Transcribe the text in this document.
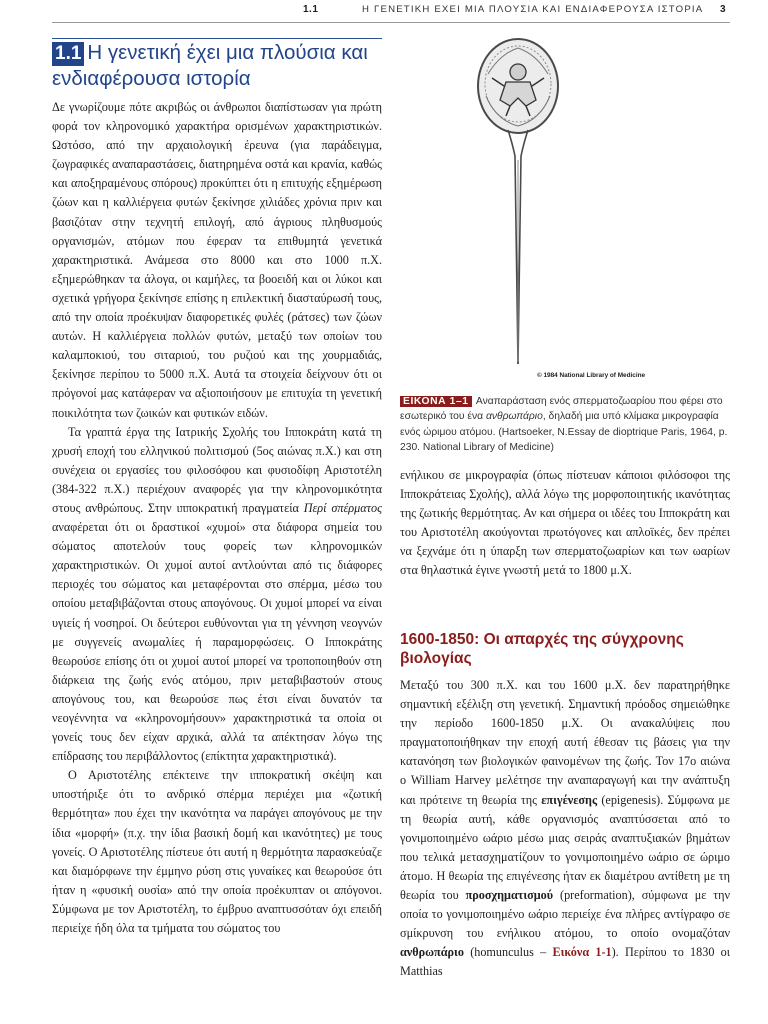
1.1	Η ΓΕΝΕΤΙΚΗ ΕΧΕΙ ΜΙΑ ΠΛΟΥΣΙΑ ΚΑΙ ΕΝΔΙΑΦΕΡΟΥΣΑ ΙΣΤΟΡΙΑ 3
1.1 Η γενετική έχει μια πλούσια και ενδιαφέρουσα ιστορία

Δε γνωρίζουμε πότε ακριβώς οι άνθρωποι διαπίστωσαν για πρώτη φορά τον κληρονομικό χαρακτήρα ορισμένων χαρακτηριστικών. Ωστόσο, από την αρχαιολογική έρευνα (για παράδειγμα, ζωγραφικές αναπαραστάσεις, διατηρημένα οστά και κρανία, καθώς και αποξηραμένους σπόρους) προκύπτει ότι η επιτυχής εξημέρωση ζώων και η καλλιέργεια φυτών ξεκίνησε χιλιάδες χρόνια πριν και βασιζόταν στην τεχνητή επιλογή, από άγριους πληθυσμούς οργανισμών, ατόμων που έφεραν τα επιθυμητά γενετικά χαρακτηριστικά. Ανάμεσα στο 8000 και στο 1000 π.Χ. εξημερώθηκαν τα άλογα, οι καμήλες, τα βοοειδή και οι λύκοι και σχετικά γρήγορα ξεκίνησε επίσης η επιλεκτική διασταύρωσή τους, από την οποία προέκυψαν διαφορετικές φυλές (ράτσες) των ζώων αυτών. Η καλλιέργεια πολλών φυτών, μεταξύ των οποίων του καλαμποκιού, του σιταριού, του ρυζιού και της χουρμαδιάς, ξεκίνησε περίπου το 5000 π.Χ. Αυτά τα στοιχεία δείχνουν ότι οι πρόγονοί μας κατάφεραν να αξιοποιήσουν με επιτυχία τη γενετική ποικιλότητα των ζωικών και φυτικών ειδών.

Τα γραπτά έργα της Ιατρικής Σχολής του Ιπποκράτη κατά τη χρυσή εποχή του ελληνικού πολιτισμού (5ος αιώνας π.Χ.) και στη συνέχεια οι εργασίες του φιλοσόφου και φυσιοδίφη Αριστοτέλη (384-322 π.Χ.) περιέχουν αναφορές για την κληρονομικότητα στους ανθρώπους. Στην ιπποκρατική πραγματεία Περί σπέρματος αναφέρεται ότι οι δραστικοί «χυμοί» στα διάφορα σημεία του σώματος αποτελούν τους φορείς των κληρονομικών χαρακτηριστικών. Οι χυμοί αυτοί αντλούνται από τις διάφορες περιοχές του σώματος και μεταφέρονται στο σπέρμα, μέσω του οποίου μεταβιβάζονται στους απογόνους. Οι χυμοί μπορεί να είναι υγιείς ή νοσηροί. Οι δεύτεροι ευθύνονται για τη γέννηση νεογνών με συγγενείς ανωμαλίες ή παραμορφώσεις. Ο Ιπποκράτης θεωρούσε επίσης ότι οι χυμοί αυτοί μπορεί να τροποποιηθούν στη διάρκεια της ζωής ενός ατόμου, πριν μεταβιβαστούν στους απογόνους του, και θεωρούσε πως έτσι είναι δυνατόν τα νεογέννητα να «κληρονομήσουν» χαρακτηριστικά τα οποία οι γονείς τους δεν είχαν αρχικά, αλλά τα απέκτησαν λόγω της επίδρασης του περιβάλλοντος (επίκτητα χαρακτηριστικά).

Ο Αριστοτέλης επέκτεινε την ιπποκρατική σκέψη και υποστήριξε ότι το ανδρικό σπέρμα περιέχει μια «ζωτική θερμότητα» που έχει την ικανότητα να παράγει απογόνους με την ίδια «μορφή» (π.χ. την ίδια βασική δομή και ικανότητες) με τους γονείς. Ο Αριστοτέλης πίστευε ότι αυτή η θερμότητα παρασκεύαζε και διαμόρφωνε την έμμηνο ρύση στις γυναίκες και θεωρούσε ότι ήταν η «φυσική ουσία» από την οποία προέκυπταν οι απόγονοι. Σύμφωνα με τον Αριστοτέλη, το έμβρυο αναπτυσσόταν όχι επειδή περιείχε ήδη όλα τα τμήματα του σώματος του

© 1984 National Library of Medicine
ΕΙΚΟΝΑ 1–1 Αναπαράσταση ενός σπερματοζωαρίου που φέρει στο εσωτερικό του ένα ανθρωπάριο, δηλαδή μια υπό κλίμακα μικρογραφία ενός ώριμου ατόμου. (Hartsoeker, N.Essay de dioptrique Paris, 1964, p. 230. National Library of Medicine)

ενήλικου σε μικρογραφία (όπως πίστευαν κάποιοι φιλόσοφοι της Ιπποκράτειας Σχολής), αλλά λόγω της μορφοποιητικής ικανότητας της ζωτικής θερμότητας. Αν και σήμερα οι ιδέες του Ιπποκράτη και του Αριστοτέλη ακούγονται πρωτόγονες και απλοϊκές, δεν πρέπει να ξεχνάμε ότι η ύπαρξη των σπερματοζωαρίων και των ωαρίων στα θηλαστικά έγινε γνωστή μετά το 1800 μ.Χ.

1600-1850: Οι απαρχές της σύγχρονης βιολογίας

Μεταξύ του 300 π.Χ. και του 1600 μ.Χ. δεν παρατηρήθηκε σημαντική εξέλιξη στη γενετική. Σημαντική πρόοδος σημειώθηκε την περίοδο 1600-1850 μ.Χ. Οι ανακαλύψεις που πραγματοποιήθηκαν την εποχή αυτή έθεσαν τις βάσεις για την κατανόηση των βιολογικών φαινομένων της ζωής. Τον 17ο αιώνα ο William Harvey μελέτησε την αναπαραγωγή και την ανάπτυξη και πρότεινε τη θεωρία της επιγένεσης (epigenesis). Σύμφωνα με τη θεωρία αυτή, κάθε οργανισμός αναπτύσσεται από το γονιμοποιημένο ωάριο μέσω μιας σειράς αναπτυξιακών βημάτων που τελικά μετασχηματίζουν το γονιμοποιημένο ωάριο σε ώριμο άτομο. Η θεωρία της επιγένεσης ήταν εκ διαμέτρου αντίθετη με τη θεωρία του προσχηματισμού (preformation), σύμφωνα με την οποία το γονιμοποιημένο ωάριο περιείχε ένα πλήρες αντίγραφο σε σμίκρυνση του ενήλικου ατόμου, το οποίο ονομαζόταν ανθρωπάριο (homunculus – Εικόνα 1-1). Περίπου το 1830 οι Matthias
